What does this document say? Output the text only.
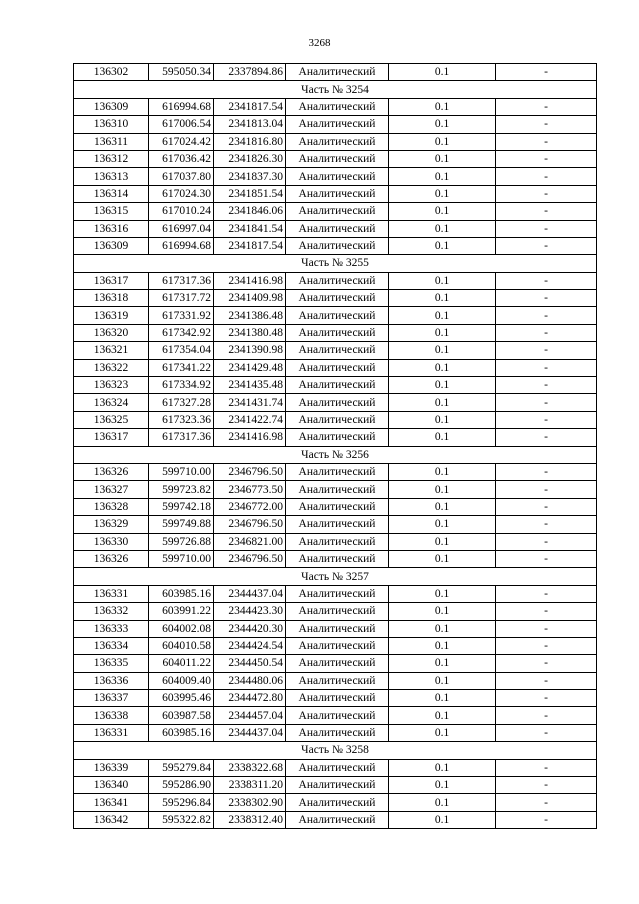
3268
136302	595050.34	2337894.86	Аналитический	0.1	-
Часть № 3254					
136309	616994.68	2341817.54	Аналитический	0.1	-
136310	617006.54	2341813.04	Аналитический	0.1	-
136311	617024.42	2341816.80	Аналитический	0.1	-
136312	617036.42	2341826.30	Аналитический	0.1	-
136313	617037.80	2341837.30	Аналитический	0.1	-
136314	617024.30	2341851.54	Аналитический	0.1	-
136315	617010.24	2341846.06	Аналитический	0.1	-
136316	616997.04	2341841.54	Аналитический	0.1	-
136309	616994.68	2341817.54	Аналитический	0.1	-
Часть № 3255					
136317	617317.36	2341416.98	Аналитический	0.1	-
136318	617317.72	2341409.98	Аналитический	0.1	-
136319	617331.92	2341386.48	Аналитический	0.1	-
136320	617342.92	2341380.48	Аналитический	0.1	-
136321	617354.04	2341390.98	Аналитический	0.1	-
136322	617341.22	2341429.48	Аналитический	0.1	-
136323	617334.92	2341435.48	Аналитический	0.1	-
136324	617327.28	2341431.74	Аналитический	0.1	-
136325	617323.36	2341422.74	Аналитический	0.1	-
136317	617317.36	2341416.98	Аналитический	0.1	-
Часть № 3256					
136326	599710.00	2346796.50	Аналитический	0.1	-
136327	599723.82	2346773.50	Аналитический	0.1	-
136328	599742.18	2346772.00	Аналитический	0.1	-
136329	599749.88	2346796.50	Аналитический	0.1	-
136330	599726.88	2346821.00	Аналитический	0.1	-
136326	599710.00	2346796.50	Аналитический	0.1	-
Часть № 3257					
136331	603985.16	2344437.04	Аналитический	0.1	-
136332	603991.22	2344423.30	Аналитический	0.1	-
136333	604002.08	2344420.30	Аналитический	0.1	-
136334	604010.58	2344424.54	Аналитический	0.1	-
136335	604011.22	2344450.54	Аналитический	0.1	-
136336	604009.40	2344480.06	Аналитический	0.1	-
136337	603995.46	2344472.80	Аналитический	0.1	-
136338	603987.58	2344457.04	Аналитический	0.1	-
136331	603985.16	2344437.04	Аналитический	0.1	-
Часть № 3258					
136339	595279.84	2338322.68	Аналитический	0.1	-
136340	595286.90	2338311.20	Аналитический	0.1	-
136341	595296.84	2338302.90	Аналитический	0.1	-
136342	595322.82	2338312.40	Аналитический	0.1	-
